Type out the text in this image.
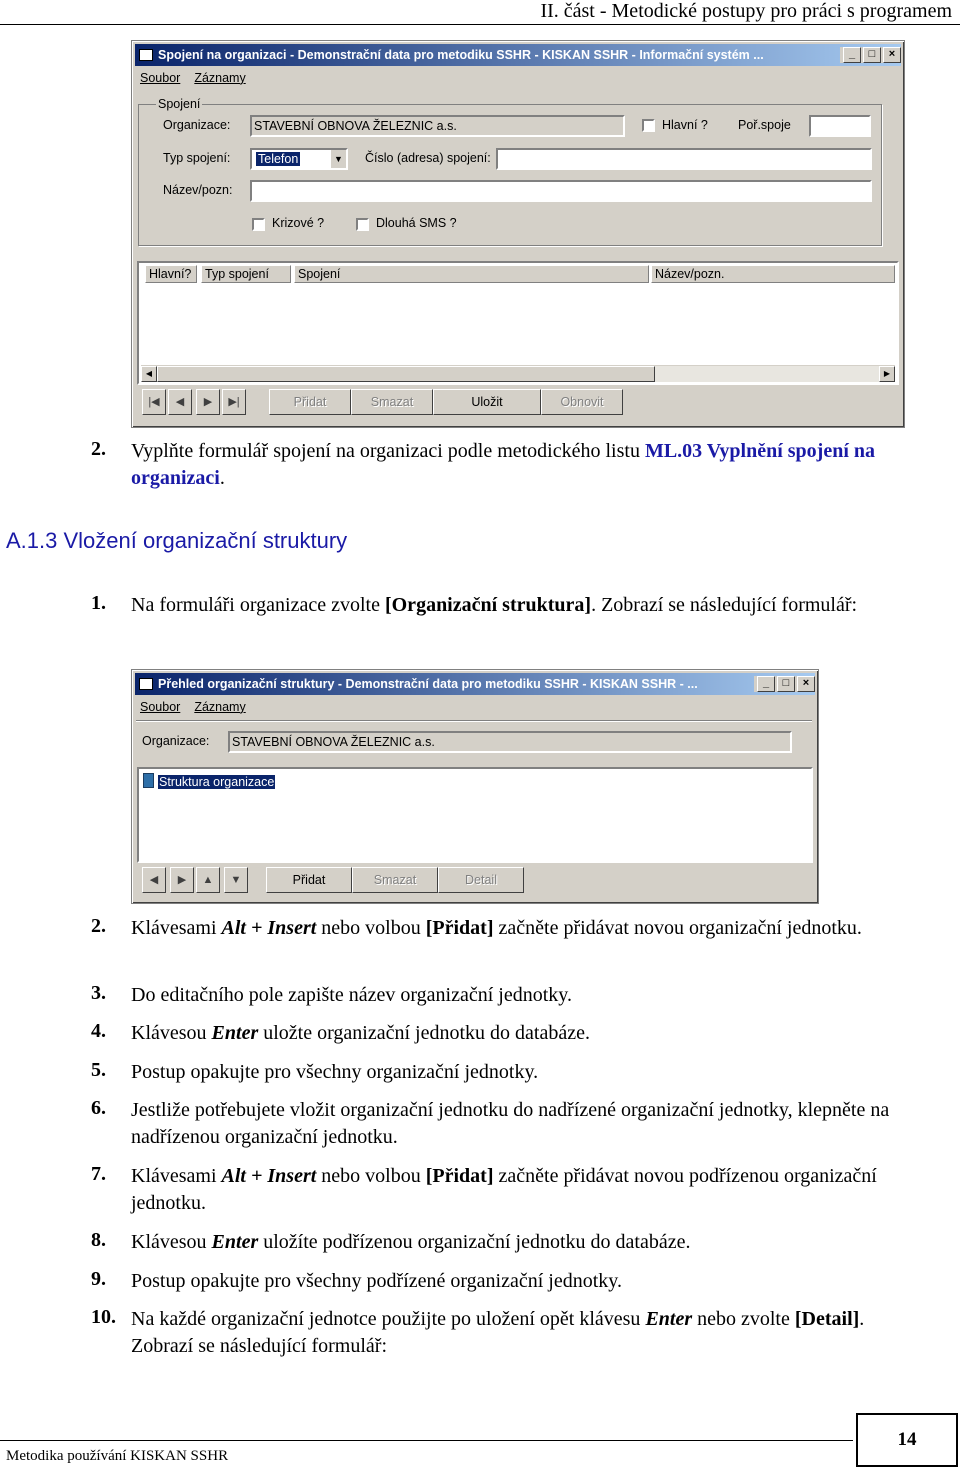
II. část - Metodické postupy pro práci s programem
Spojení na organizaci - Demonstrační data pro metodiku SSHR - KISKAN SSHR - Informační systém ...	_	□	×
Soubor Záznamy
Spojení
Organizace:	STAVEBNÍ OBNOVA ŽELEZNIC a.s.	Hlavní ? Poř.spoje
Typ spojení:	Telefon	▼ Číslo (adresa) spojení:
Název/pozn:
Krizové ?	Dlouhá SMS ?
Hlavní?	Typ spojení	Spojení	Název/pozn.
◀	▶
|◀	◀	▶	▶|	Přidat	Smazat	Uložit	Obnovit
2. Vyplňte formulář spojení na organizaci podle metodického listu ML.03 Vyplnění spojení na organizaci.
A.1.3 Vložení organizační struktury
1. Na formuláři organizace zvolte [Organizační struktura]. Zobrazí se následující formulář:
Přehled organizační struktury - Demonstrační data pro metodiku SSHR - KISKAN SSHR - ...	_	□	×
Soubor Záznamy
Organizace:	STAVEBNÍ OBNOVA ŽELEZNIC a.s.
Struktura organizace
◀	▶	▲	▼	Přidat	Smazat	Detail
2. Klávesami Alt + Insert nebo volbou [Přidat] začněte přidávat novou organizační jednotku.
3. Do editačního pole zapište název organizační jednotky.
4. Klávesou Enter uložte organizační jednotku do databáze.
5. Postup opakujte pro všechny organizační jednotky.
6. Jestliže potřebujete vložit organizační jednotku do nadřízené organizační jednotky, klepněte na nadřízenou organizační jednotku.
7. Klávesami Alt + Insert nebo volbou [Přidat] začněte přidávat novou podřízenou organizační jednotku.
8. Klávesou Enter uložíte podřízenou organizační jednotku do databáze.
9. Postup opakujte pro všechny podřízené organizační jednotky.
10. Na každé organizační jednotce použijte po uložení opět klávesu Enter nebo zvolte [Detail]. Zobrazí se následující formulář:
Metodika používání KISKAN SSHR
14
